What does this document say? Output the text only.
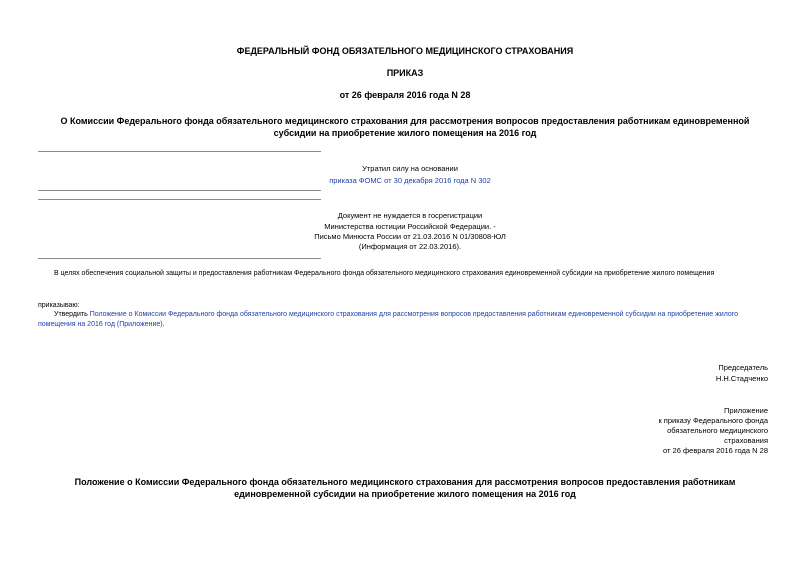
ФЕДЕРАЛЬНЫЙ ФОНД ОБЯЗАТЕЛЬНОГО МЕДИЦИНСКОГО СТРАХОВАНИЯ
ПРИКАЗ
от 26 февраля 2016 года N 28
О Комиссии Федерального фонда обязательного медицинского страхования для рассмотрения вопросов предоставления работникам единовременной субсидии на приобретение жилого помещения на 2016 год
Утратил силу на основании
приказа ФОМС от 30 декабря 2016 года N 302
Документ не нуждается в госрегистрации
Министерства юстиции Российской Федерации. -
Письмо Минюста России от 21.03.2016 N 01/30808-ЮЛ
(Информация от 22.03.2016).
В целях обеспечения социальной защиты и предоставления работникам Федерального фонда обязательного медицинского страхования единовременной субсидии на приобретение жилого помещения
приказываю:
Утвердить Положение о Комиссии Федерального фонда обязательного медицинского страхования для рассмотрения вопросов предоставления работникам единовременной субсидии на приобретение жилого помещения на 2016 год (Приложение).
Председатель
Н.Н.Стадченко
Приложение
к приказу Федерального фонда
обязательного медицинского
страхования
от 26 февраля 2016 года N 28
Положение о Комиссии Федерального фонда обязательного медицинского страхования для рассмотрения вопросов предоставления работникам единовременной субсидии на приобретение жилого помещения на 2016 год
